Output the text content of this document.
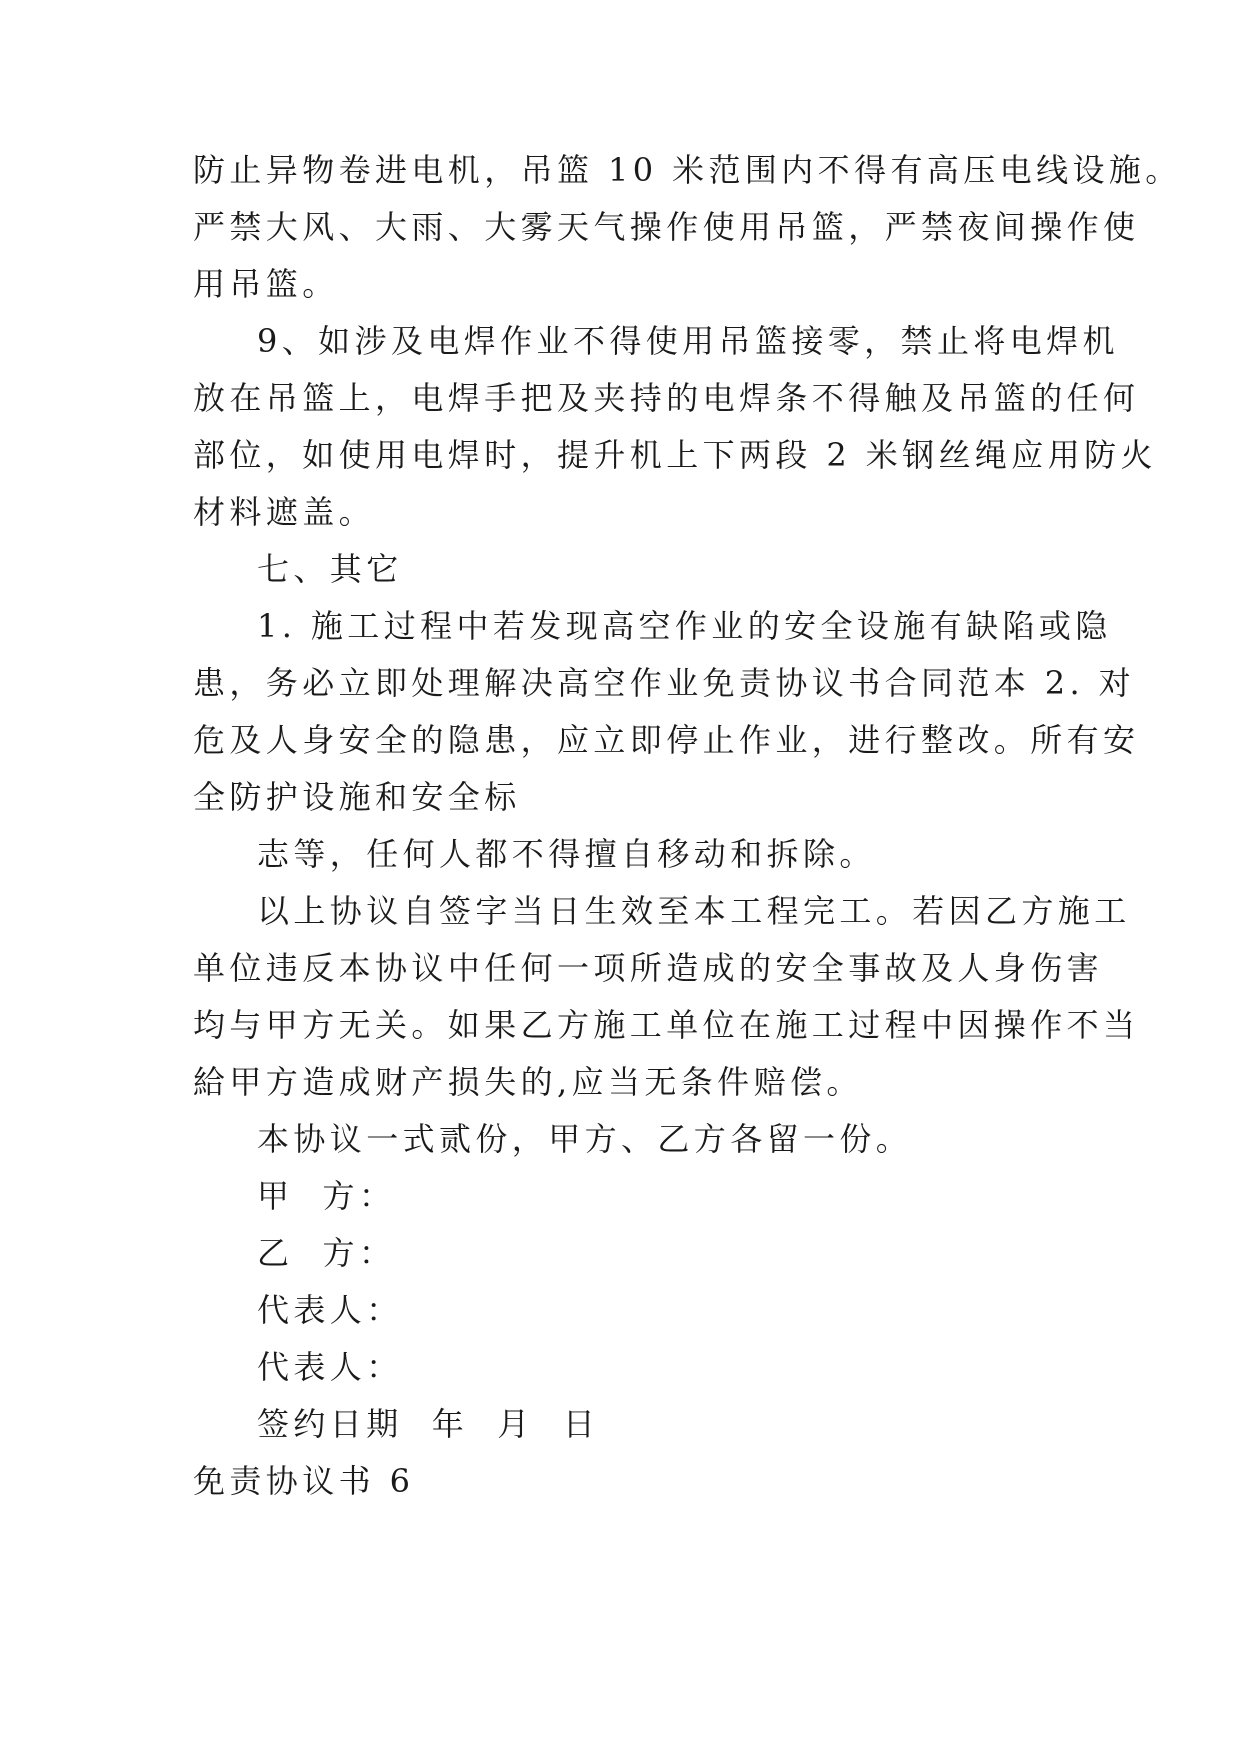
防止异物卷进电机，吊篮 10 米范围内不得有高压电线设施。
严禁大风、大雨、大雾天气操作使用吊篮，严禁夜间操作使
用吊篮。
9、如涉及电焊作业不得使用吊篮接零，禁止将电焊机
放在吊篮上，电焊手把及夹持的电焊条不得触及吊篮的任何
部位，如使用电焊时，提升机上下两段 2 米钢丝绳应用防火
材料遮盖。
七、其它
1. 施工过程中若发现高空作业的安全设施有缺陷或隐
患，务必立即处理解决高空作业免责协议书合同范本 2. 对
危及人身安全的隐患，应立即停止作业，进行整改。所有安
全防护设施和安全标
志等，任何人都不得擅自移动和拆除。
以上协议自签字当日生效至本工程完工。若因乙方施工
单位违反本协议中任何一项所造成的安全事故及人身伤害
均与甲方无关。如果乙方施工单位在施工过程中因操作不当
給甲方造成财产损失的,应当无条件赔偿。
本协议一式贰份，甲方、乙方各留一份。
甲  方：
乙  方：
代表人：
代表人：
签约日期  年  月  日
免责协议书 6
